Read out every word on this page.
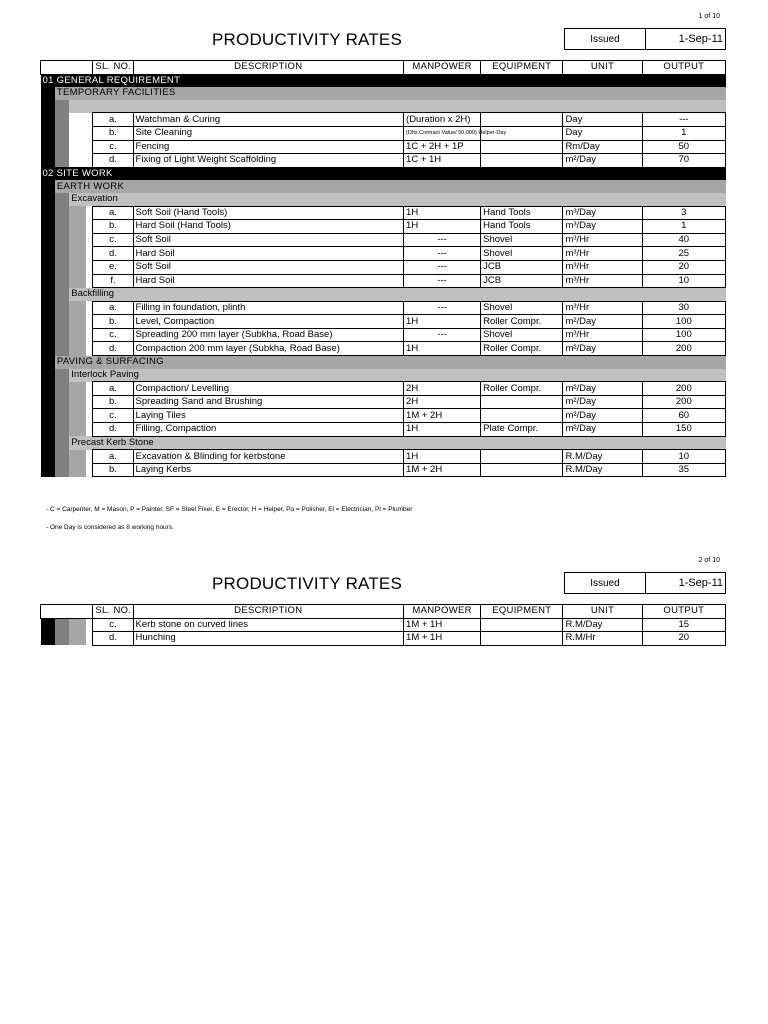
1 of 10
PRODUCTIVITY RATES	Issued	1-Sep-11
				SL. NO.	DESCRIPTION	MANPOWER	EQUIPMENT	UNIT	OUTPUT
01 GENERAL REQUIREMENT									
	TEMPORARY FACILITIES								

				a.	Watchman & Curing	(Duration x 2H)		Day	---
				b.	Site Cleaning	(Dhs.Contract Value/ 50,000) Helper-Day		Day	1
				c.	Fencing	1C + 2H + 1P		Rm/Day	50
				d.	Fixing of Light Weight Scaffolding	1C + 1H		m²/Day	70
02 SITE WORK									
	EARTH WORK								
		Excavation							
				a.	Soft Soil (Hand Tools)	1H	Hand Tools	m³/Day	3
				b.	Hard Soil (Hand Tools)	1H	Hand Tools	m³/Day	1
				c.	Soft Soil	---	Shovel	m³/Hr	40
				d.	Hard Soil	---	Shovel	m³/Hr	25
				e.	Soft Soil	---	JCB	m³/Hr	20
				f.	Hard Soil	---	JCB	m³/Hr	10
		Backfilling							
				a.	Filling in foundation, plinth	---	Shovel	m³/Hr	30
				b.	Level, Compaction	1H	Roller Compr.	m²/Day	100
				c.	Spreading 200 mm layer (Subkha, Road Base)	---	Shovel	m³/Hr	100
				d.	Compaction 200 mm layer (Subkha, Road Base)	1H	Roller Compr.	m²/Day	200
	PAVING & SURFACING								
		Interlock Paving							
				a.	Compaction/ Levelling	2H	Roller Compr.	m²/Day	200
				b.	Spreading Sand and Brushing	2H		m²/Day	200
				c.	Laying Tiles	1M + 2H		m²/Day	60
				d.	Filling, Compaction	1H	Plate Compr.	m²/Day	150
		Precast Kerb Stone							
				a.	Excavation & Blinding for kerbstone	1H		R.M/Day	10
				b.	Laying Kerbs	1M + 2H		R.M/Day	35
- C = Carpenter, M = Mason, P = Painter, SF = Steel Fixer, E = Erector, H = Helper, Po = Polisher, El = Electrician, Pl = Plumber
- One Day is considered as 8 working hours.
2 of 10
PRODUCTIVITY RATES	Issued	1-Sep-11
				SL. NO.	DESCRIPTION	MANPOWER	EQUIPMENT	UNIT	OUTPUT
				c.	Kerb stone on curved lines	1M + 1H		R.M/Day	15
				d.	Hunching	1M + 1H		R.M/Hr	20
